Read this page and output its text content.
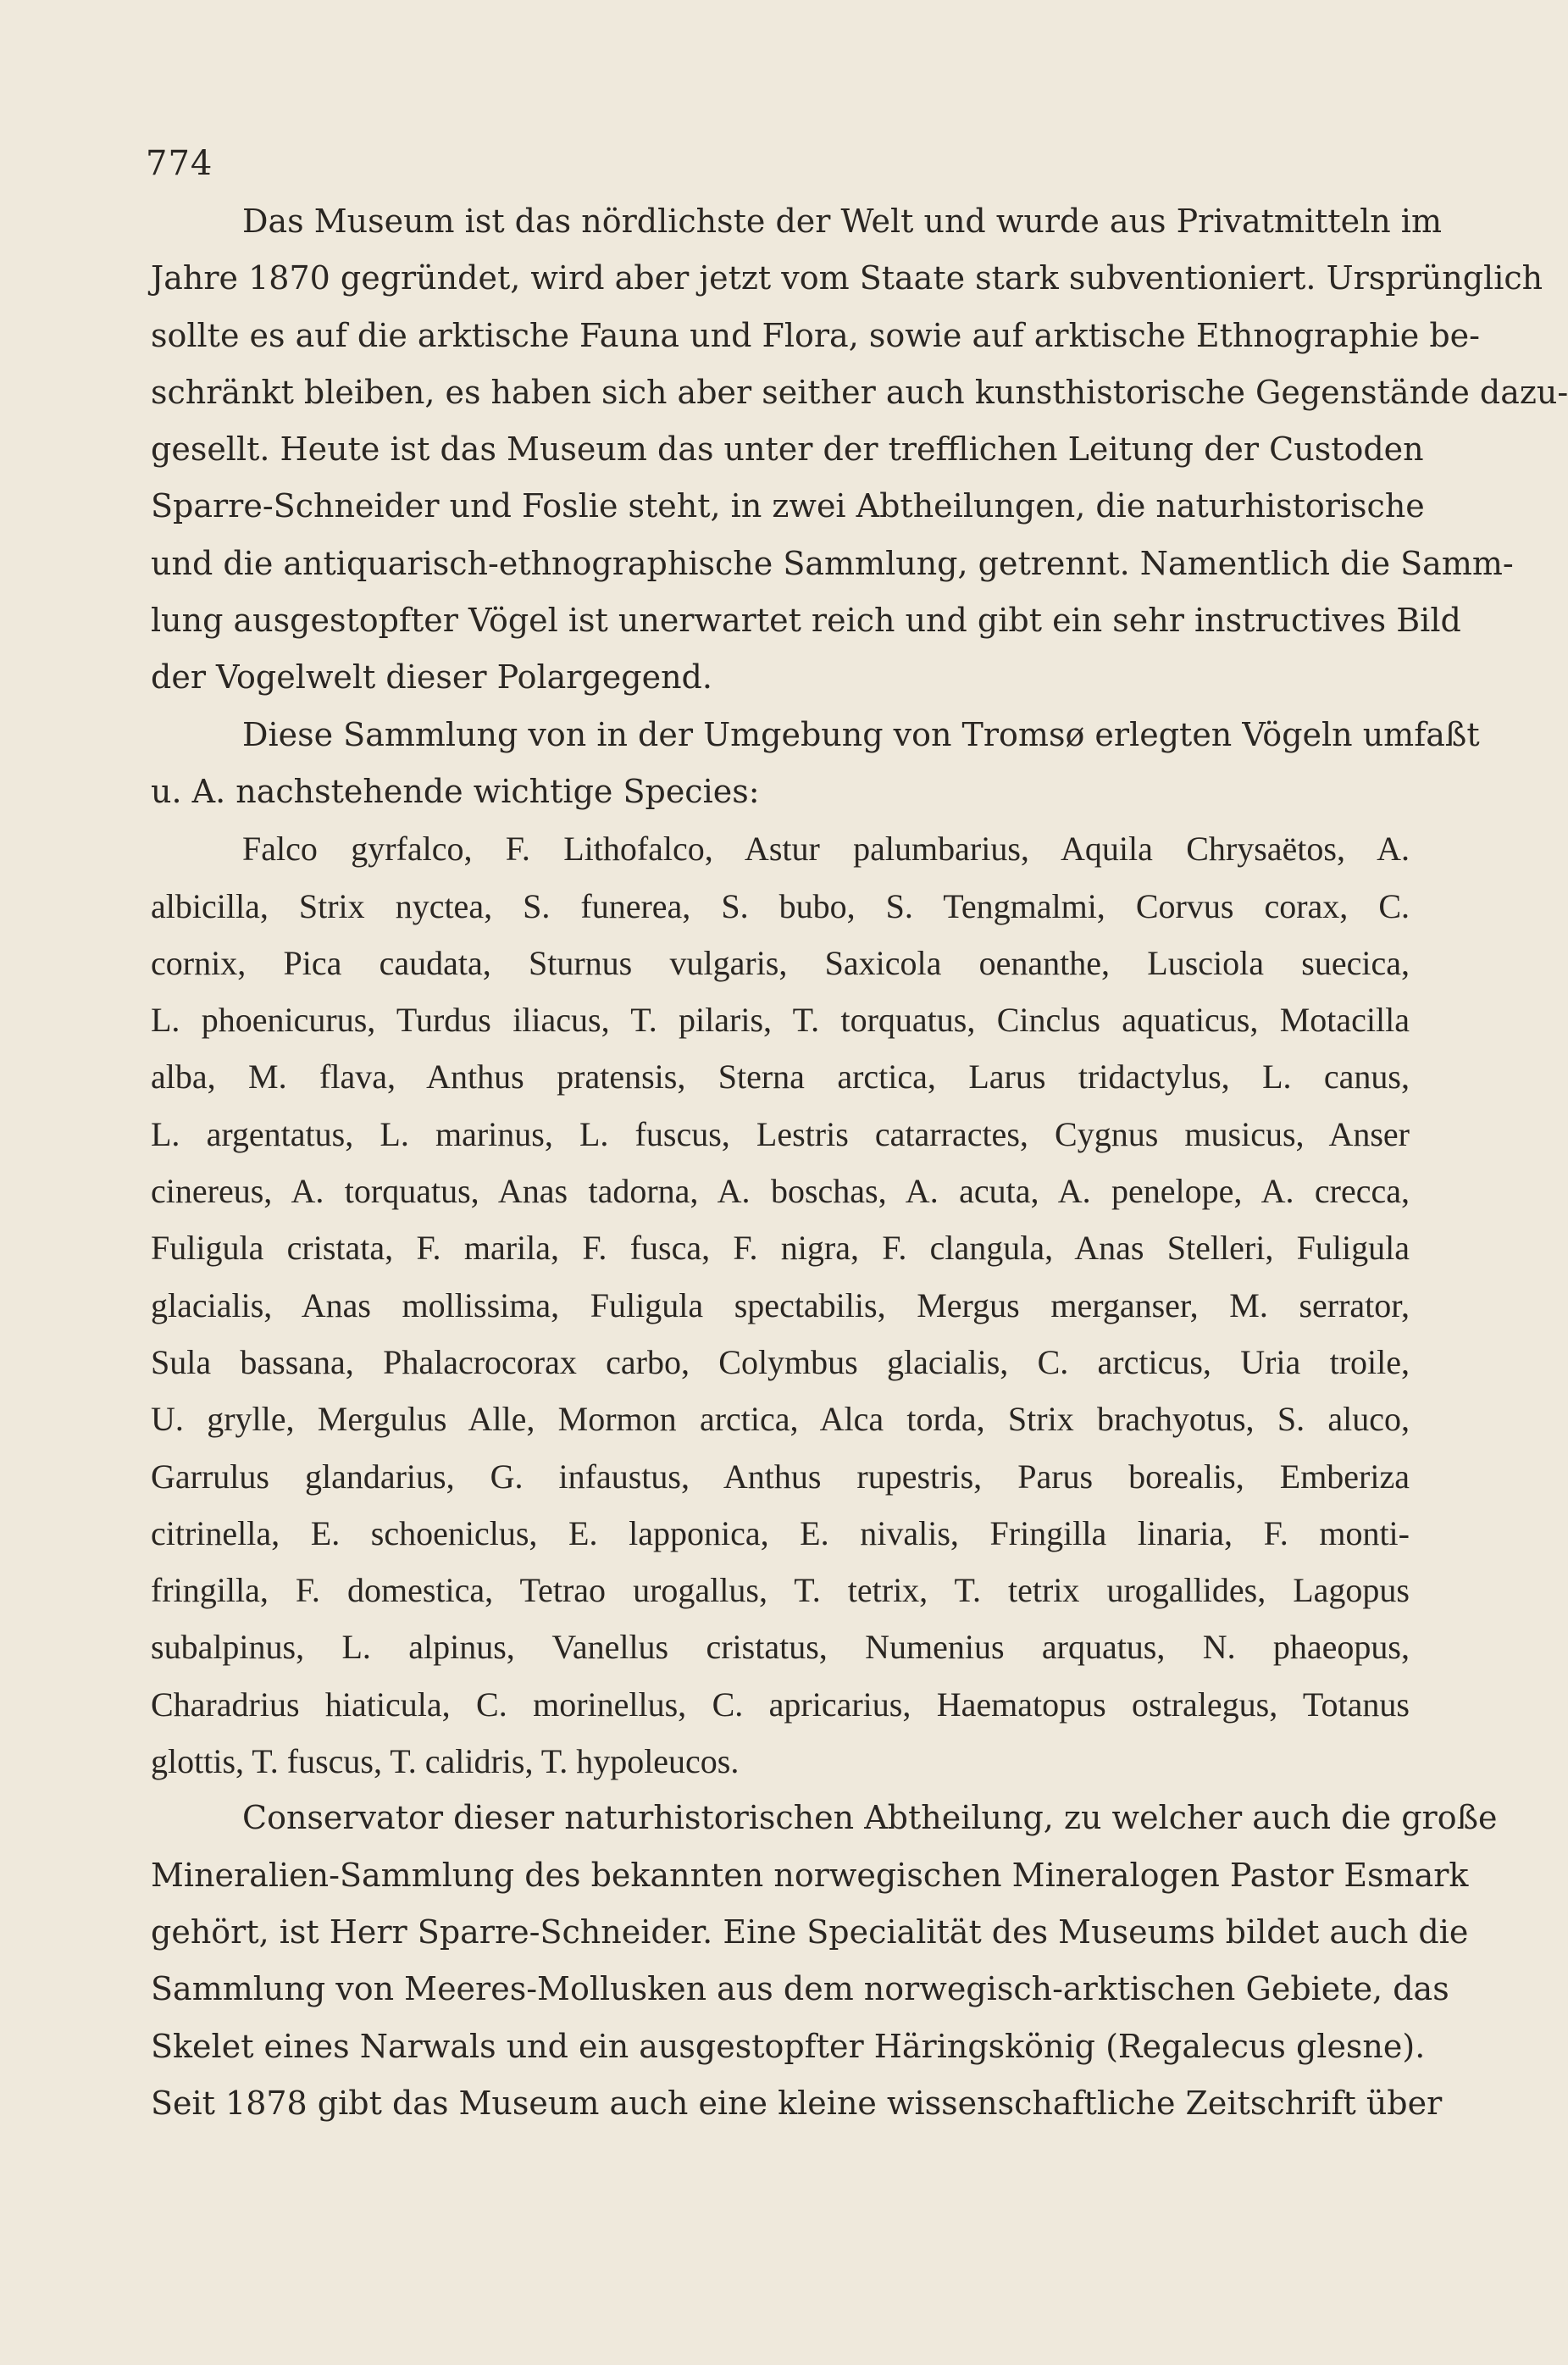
774
Das Museum ist das nördlichste der Welt und wurde aus Privatmitteln im
Jahre 1870 gegründet, wird aber jetzt vom Staate stark subventioniert. Ursprünglich
sollte es auf die arktische Fauna und Flora, sowie auf arktische Ethnographie be-
schränkt bleiben, es haben sich aber seither auch kunsthistorische Gegenstände dazu-
gesellt. Heute ist das Museum das unter der trefflichen Leitung der Custoden
Sparre-Schneider und Foslie steht, in zwei Abtheilungen, die naturhistorische
und die antiquarisch-ethnographische Sammlung, getrennt. Namentlich die Samm-
lung ausgestopfter Vögel ist unerwartet reich und gibt ein sehr instructives Bild
der Vogelwelt dieser Polargegend.
Diese Sammlung von in der Umgebung von Tromsø erlegten Vögeln umfaßt
u. A. nachstehende wichtige Species:
Falco gyrfalco, F. Lithofalco, Astur palumbarius, Aquila Chrysaëtos, A.
albicilla, Strix nyctea, S. funerea, S. bubo, S. Tengmalmi, Corvus corax, C.
cornix, Pica caudata, Sturnus vulgaris, Saxicola oenanthe, Lusciola suecica,
L. phoenicurus, Turdus iliacus, T. pilaris, T. torquatus, Cinclus aquaticus, Motacilla
alba, M. flava, Anthus pratensis, Sterna arctica, Larus tridactylus, L. canus,
L. argentatus, L. marinus, L. fuscus, Lestris catarractes, Cygnus musicus, Anser
cinereus, A. torquatus, Anas tadorna, A. boschas, A. acuta, A. penelope, A. crecca,
Fuligula cristata, F. marila, F. fusca, F. nigra, F. clangula, Anas Stelleri, Fuligula
glacialis, Anas mollissima, Fuligula spectabilis, Mergus merganser, M. serrator,
Sula bassana, Phalacrocorax carbo, Colymbus glacialis, C. arcticus, Uria troile,
U. grylle, Mergulus Alle, Mormon arctica, Alca torda, Strix brachyotus, S. aluco,
Garrulus glandarius, G. infaustus, Anthus rupestris, Parus borealis, Emberiza
citrinella, E. schoeniclus, E. lapponica, E. nivalis, Fringilla linaria, F. monti-
fringilla, F. domestica, Tetrao urogallus, T. tetrix, T. tetrix urogallides, Lagopus
subalpinus, L. alpinus, Vanellus cristatus, Numenius arquatus, N. phaeopus,
Charadrius hiaticula, C. morinellus, C. apricarius, Haematopus ostralegus, Totanus
glottis, T. fuscus, T. calidris, T. hypoleucos.
Conservator dieser naturhistorischen Abtheilung, zu welcher auch die große
Mineralien-Sammlung des bekannten norwegischen Mineralogen Pastor Esmark
gehört, ist Herr Sparre-Schneider. Eine Specialität des Museums bildet auch die
Sammlung von Meeres-Mollusken aus dem norwegisch-arktischen Gebiete, das
Skelet eines Narwals und ein ausgestopfter Häringskönig (Regalecus glesne).
Seit 1878 gibt das Museum auch eine kleine wissenschaftliche Zeitschrift über
